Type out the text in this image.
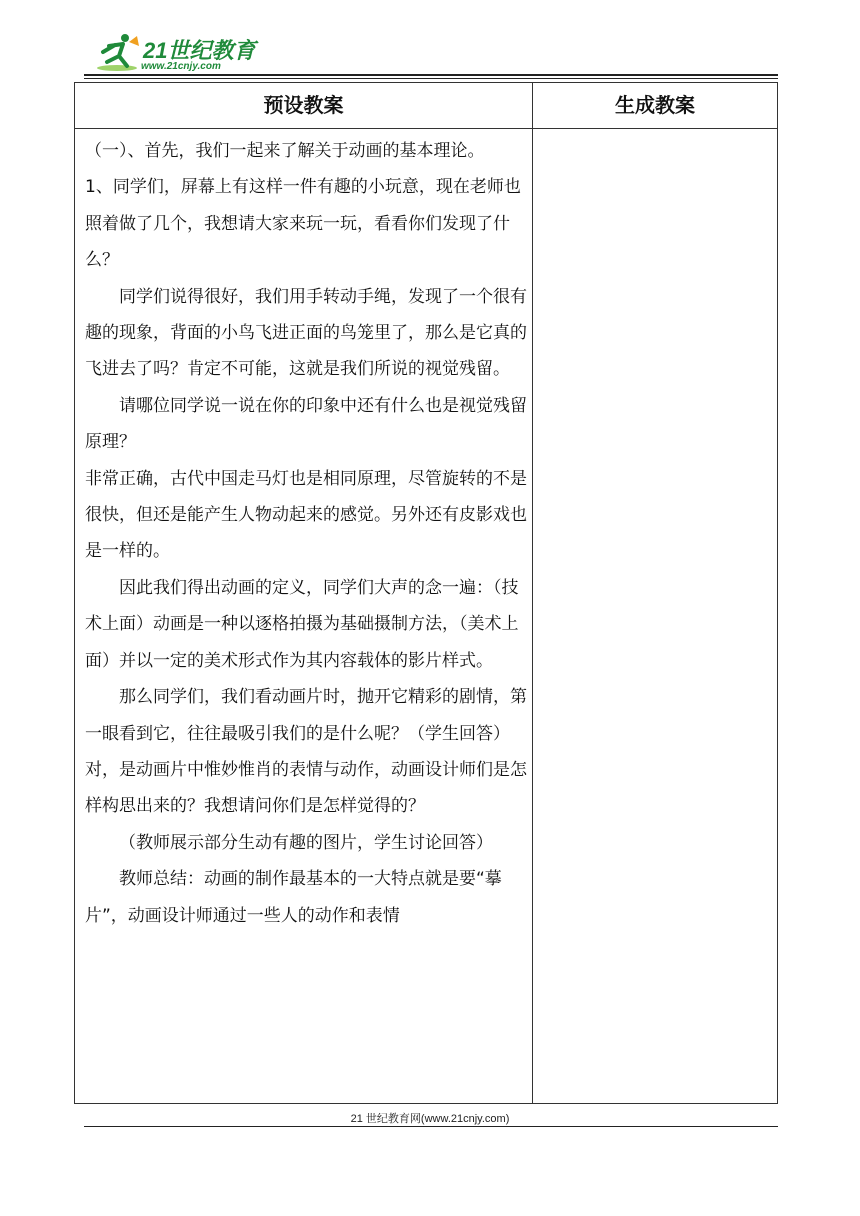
21世纪教育
www.21cnjy.com
预设教案	生成教案

（一）、首先，我们一起来了解关于动画的基本理论。

1、同学们，屏幕上有这样一件有趣的小玩意，现在老师也照着做了几个，我想请大家来玩一玩，看看你们发现了什么？

同学们说得很好，我们用手转动手绳，发现了一个很有趣的现象，背面的小鸟飞进正面的鸟笼里了，那么是它真的飞进去了吗？肯定不可能，这就是我们所说的视觉残留。

请哪位同学说一说在你的印象中还有什么也是视觉残留原理？

非常正确，古代中国走马灯也是相同原理，尽管旋转的不是很快，但还是能产生人物动起来的感觉。另外还有皮影戏也是一样的。

因此我们得出动画的定义，同学们大声的念一遍：（技术上面）动画是一种以逐格拍摄为基础摄制方法，（美术上面）并以一定的美术形式作为其内容载体的影片样式。

那么同学们，我们看动画片时，抛开它精彩的剧情，第一眼看到它，往往最吸引我们的是什么呢？（学生回答）对，是动画片中惟妙惟肖的表情与动作，动画设计师们是怎样构思出来的？我想请问你们是怎样觉得的？

（教师展示部分生动有趣的图片，学生讨论回答）

教师总结：动画的制作最基本的一大特点就是要“摹片”，动画设计师通过一些人的动作和表情

21 世纪教育网(www.21cnjy.com)
